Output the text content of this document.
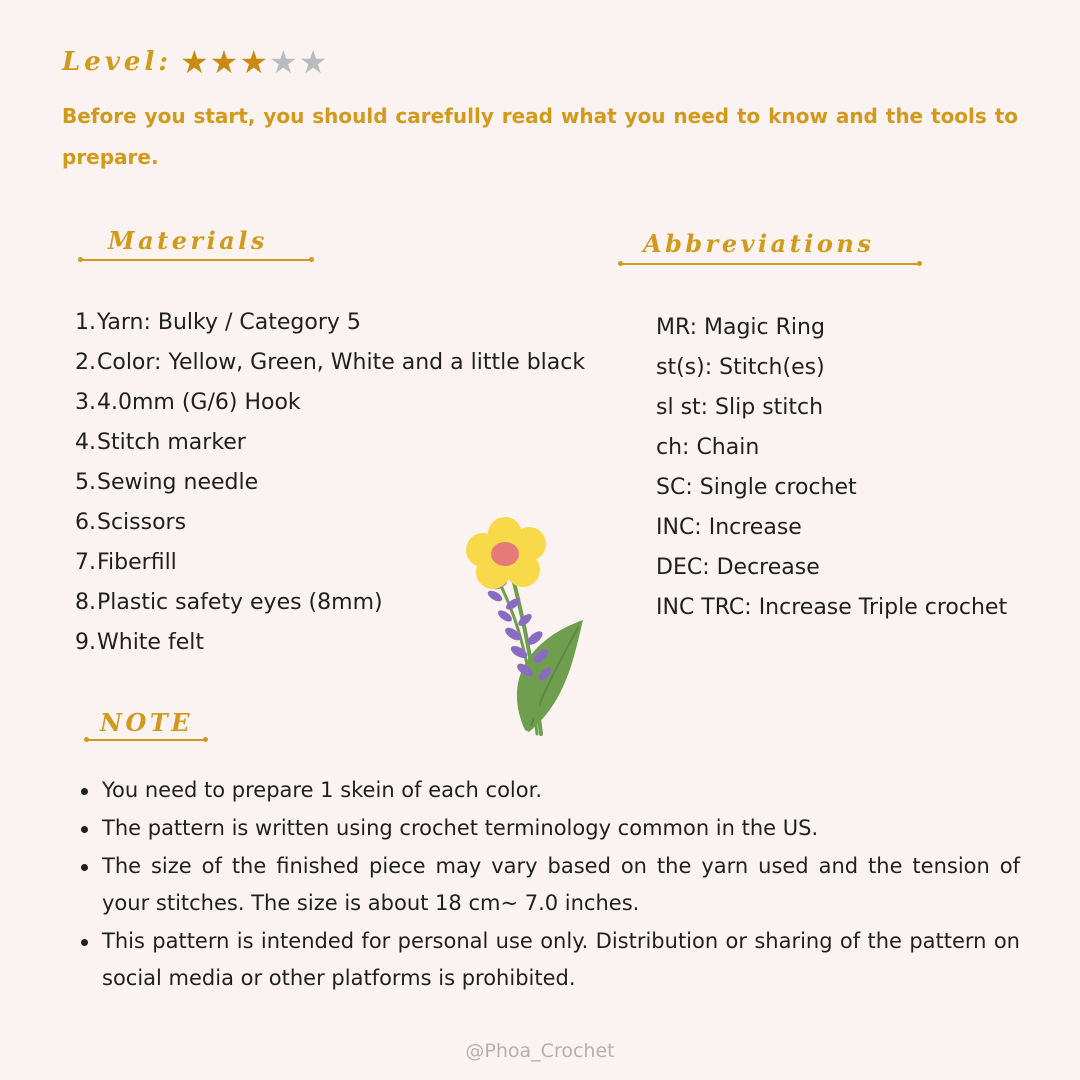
Level: ★ ★ ★ ★ ★

Before you start, you should carefully read what you need to know and the tools to prepare.

Materials	Abbreviations
1. Yarn: Bulky / Category 5
2. Color: Yellow, Green, White and a little black
3. 4.0mm (G/6) Hook
4. Stitch marker
5. Sewing needle
6. Scissors
7. Fiberfill
8. Plastic safety eyes (8mm)
9. White felt
MR: Magic Ring
st(s): Stitch(es)
sl st: Slip stitch
ch: Chain
SC: Single crochet
INC: Increase
DEC: Decrease
INC TRC: Increase Triple crochet
NOTE
You need to prepare 1 skein of each color.
The pattern is written using crochet terminology common in the US.
The size of the finished piece may vary based on the yarn used and the tension of your stitches. The size is about 18 cm~ 7.0 inches.
This pattern is intended for personal use only. Distribution or sharing of the pattern on social media or other platforms is prohibited.
@Phoa_Crochet
